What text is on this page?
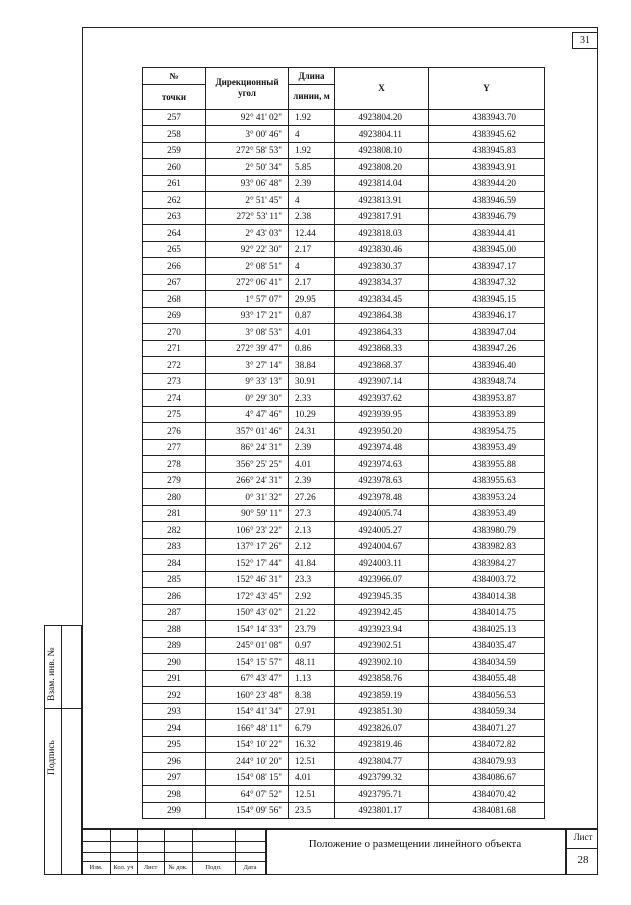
31
№	Дирекционный угол	Длина	X	Y
точки		линии, м		
257	92° 41' 02"	1.92	4923804.20	4383943.70
258	3° 00' 46"	4	4923804.11	4383945.62
259	272° 58' 53"	1.92	4923808.10	4383945.83
260	2° 50' 34"	5.85	4923808.20	4383943.91
261	93° 06' 48"	2.39	4923814.04	4383944.20
262	2° 51' 45"	4	4923813.91	4383946.59
263	272° 53' 11"	2.38	4923817.91	4383946.79
264	2° 43' 03"	12.44	4923818.03	4383944.41
265	92° 22' 30"	2.17	4923830.46	4383945.00
266	2° 08' 51"	4	4923830.37	4383947.17
267	272° 06' 41"	2.17	4923834.37	4383947.32
268	1° 57' 07"	29.95	4923834.45	4383945.15
269	93° 17' 21"	0.87	4923864.38	4383946.17
270	3° 08' 53"	4.01	4923864.33	4383947.04
271	272° 39' 47"	0.86	4923868.33	4383947.26
272	3° 27' 14"	38.84	4923868.37	4383946.40
273	9° 33' 13"	30.91	4923907.14	4383948.74
274	0° 29' 30"	2.33	4923937.62	4383953.87
275	4° 47' 46"	10.29	4923939.95	4383953.89
276	357° 01' 46"	24.31	4923950.20	4383954.75
277	86° 24' 31"	2.39	4923974.48	4383953.49
278	356° 25' 25"	4.01	4923974.63	4383955.88
279	266° 24' 31"	2.39	4923978.63	4383955.63
280	0° 31' 32"	27.26	4923978.48	4383953.24
281	90° 59' 11"	27.3	4924005.74	4383953.49
282	106° 23' 22"	2.13	4924005.27	4383980.79
283	137° 17' 26"	2.12	4924004.67	4383982.83
284	152° 17' 44"	41.84	4924003.11	4383984.27
285	152° 46' 31"	23.3	4923966.07	4384003.72
286	172° 43' 45"	2.92	4923945.35	4384014.38
287	150° 43' 02"	21.22	4923942.45	4384014.75
288	154° 14' 33"	23.79	4923923.94	4384025.13
289	245° 01' 08"	0.97	4923902.51	4384035.47
290	154° 15' 57"	48.11	4923902.10	4384034.59
291	67° 43' 47"	1.13	4923858.76	4384055.48
292	160° 23' 48"	8.38	4923859.19	4384056.53
293	154° 41' 34"	27.91	4923851.30	4384059.34
294	166° 48' 11"	6.79	4923826.07	4384071.27
295	154° 10' 22"	16.32	4923819.46	4384072.82
296	244° 10' 20"	12.51	4923804.77	4384079.93
297	154° 08' 15"	4.01	4923799.32	4384086.67
298	64° 07' 52"	12.51	4923795.71	4384070.42
299	154° 09' 56"	23.5	4923801.17	4384081.68
Взам. инв. №
Подпись
Изм.	Кол. уч	Лист	№ док.	Подп.	Дата
Положение о размещении линейного объекта
Лист
28
